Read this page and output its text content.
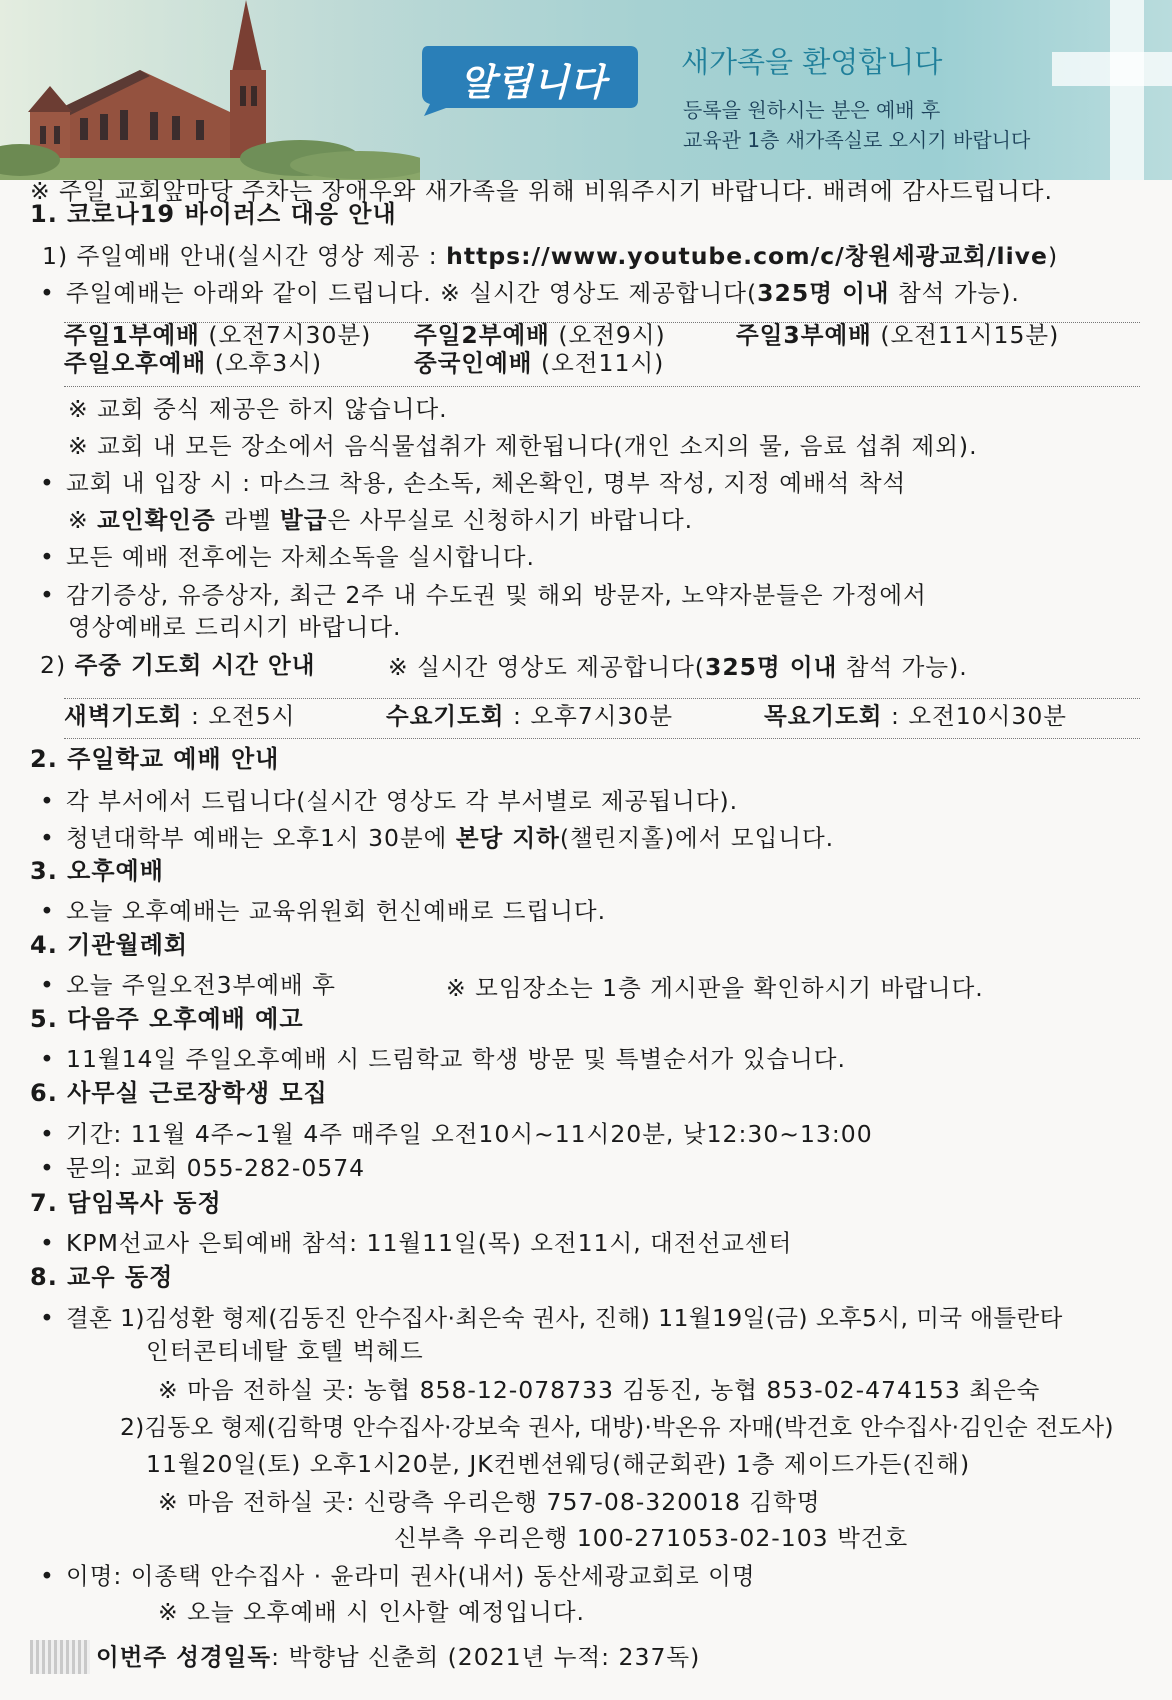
알립니다	새가족을 환영합니다
등록을 원하시는 분은 예배 후
교육관 1층 새가족실로 오시기 바랍니다
※ 주일 교회앞마당 주차는 장애우와 새가족을 위해 비워주시기 바랍니다. 배려에 감사드립니다.
1. 코로나19 바이러스 대응 안내
1) 주일예배 안내(실시간 영상 제공 : https://www.youtube.com/c/창원세광교회/live)
• 주일예배는 아래와 같이 드립니다. ※ 실시간 영상도 제공합니다(325명 이내 참석 가능).
주일1부예배 (오전7시30분) 주일2부예배 (오전9시)	주일3부예배 (오전11시15분)
주일오후예배 (오후3시)	중국인예배 (오전11시)
※ 교회 중식 제공은 하지 않습니다.
※ 교회 내 모든 장소에서 음식물섭취가 제한됩니다(개인 소지의 물, 음료 섭취 제외).
• 교회 내 입장 시 : 마스크 착용, 손소독, 체온확인, 명부 작성, 지정 예배석 착석
※ 교인확인증 라벨 발급은 사무실로 신청하시기 바랍니다.
• 모든 예배 전후에는 자체소독을 실시합니다.
• 감기증상, 유증상자, 최근 2주 내 수도권 및 해외 방문자, 노약자분들은 가정에서
영상예배로 드리시기 바랍니다.
2) 주중 기도회 시간 안내	※ 실시간 영상도 제공합니다(325명 이내 참석 가능).
새벽기도회 : 오전5시	수요기도회 : 오후7시30분	목요기도회 : 오전10시30분
2. 주일학교 예배 안내
• 각 부서에서 드립니다(실시간 영상도 각 부서별로 제공됩니다).
• 청년대학부 예배는 오후1시 30분에 본당 지하(챌린지홀)에서 모입니다.
3. 오후예배
• 오늘 오후예배는 교육위원회 헌신예배로 드립니다.
4. 기관월례회
• 오늘 주일오전3부예배 후	※ 모임장소는 1층 게시판을 확인하시기 바랍니다.
5. 다음주 오후예배 예고
• 11월14일 주일오후예배 시 드림학교 학생 방문 및 특별순서가 있습니다.
6. 사무실 근로장학생 모집
• 기간: 11월 4주~1월 4주 매주일 오전10시~11시20분, 낮12:30~13:00
• 문의: 교회 055-282-0574
7. 담임목사 동정
• KPM선교사 은퇴예배 참석: 11월11일(목) 오전11시, 대전선교센터
8. 교우 동정
• 결혼 1)김성환 형제(김동진 안수집사·최은숙 권사, 진해) 11월19일(금) 오후5시, 미국 애틀란타
인터콘티네탈 호텔 벅헤드
※ 마음 전하실 곳: 농협 858-12-078733 김동진, 농협 853-02-474153 최은숙
2)김동오 형제(김학명 안수집사·강보숙 권사, 대방)·박온유 자매(박건호 안수집사·김인순 전도사)
11월20일(토) 오후1시20분, JK컨벤션웨딩(해군회관) 1층 제이드가든(진해)
※ 마음 전하실 곳: 신랑측 우리은행 757-08-320018 김학명
신부측 우리은행 100-271053-02-103 박건호
• 이명: 이종택 안수집사 · 윤라미 권사(내서) 동산세광교회로 이명
※ 오늘 오후예배 시 인사할 예정입니다.
이번주 성경일독: 박향남 신춘희 (2021년 누적: 237독)
